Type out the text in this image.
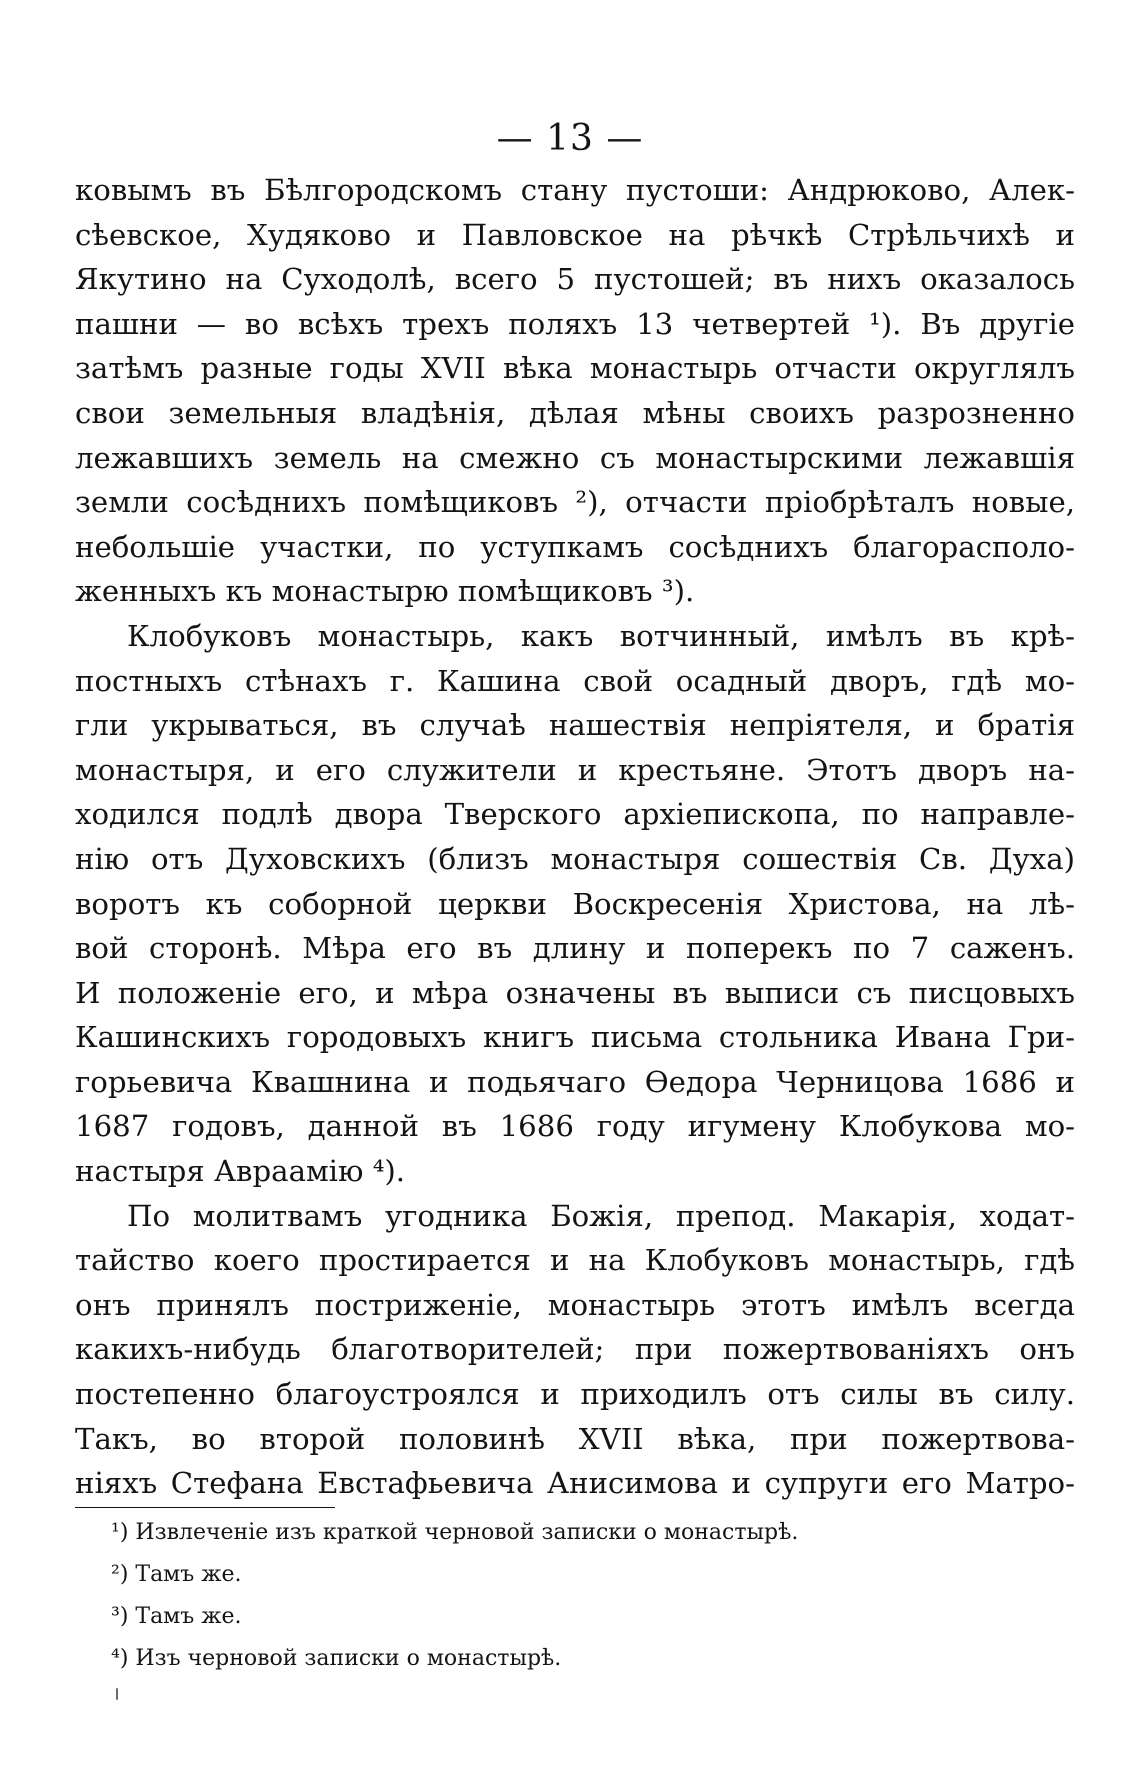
— 13 —
ковымъ въ Бѣлгородскомъ стану пустоши: Андрюково, Алек-
сѣевское, Худяково и Павловское на рѣчкѣ Стрѣльчихѣ и
Якутино на Суходолѣ, всего 5 пустошей; въ нихъ оказалось
пашни — во всѣхъ трехъ поляхъ 13 четвертей ¹). Въ другіе
затѣмъ разные годы XVII вѣка монастырь отчасти округлялъ
свои земельныя владѣнія, дѣлая мѣны своихъ разрозненно
лежавшихъ земель на смежно съ монастырскими лежавшія
земли сосѣднихъ помѣщиковъ ²), отчасти пріобрѣталъ новые,
небольшіе участки, по уступкамъ сосѣднихъ благорасполо-
женныхъ къ монастырю помѣщиковъ ³).
Клобуковъ монастырь, какъ вотчинный, имѣлъ въ крѣ-
постныхъ стѣнахъ г. Кашина свой осадный дворъ, гдѣ мо-
гли укрываться, въ случаѣ нашествія непріятеля, и братія
монастыря, и его служители и крестьяне. Этотъ дворъ на-
ходился подлѣ двора Тверского архіепископа, по направле-
нію отъ Духовскихъ (близъ монастыря сошествія Св. Духа)
воротъ къ соборной церкви Воскресенія Христова, на лѣ-
вой сторонѣ. Мѣра его въ длину и поперекъ по 7 саженъ.
И положеніе его, и мѣра означены въ выписи съ писцовыхъ
Кашинскихъ городовыхъ книгъ письма стольника Ивана Гри-
горьевича Квашнина и подьячаго Ѳедора Черницова 1686 и
1687 годовъ, данной въ 1686 году игумену Клобукова мо-
настыря Авраамію ⁴).
По молитвамъ угодника Божія, препод. Макарія, ходат-
тайство коего простирается и на Клобуковъ монастырь, гдѣ
онъ принялъ постриженіе, монастырь этотъ имѣлъ всегда
какихъ-нибудь благотворителей; при пожертвованіяхъ онъ
постепенно благоустроялся и приходилъ отъ силы въ силу.
Такъ, во второй половинѣ XVII вѣка, при пожертвова-
ніяхъ Стефана Евстафьевича Анисимова и супруги его Матро-
¹) Извлеченіе изъ краткой черновой записки о монастырѣ.
²) Тамъ же.
³) Тамъ же.
⁴) Изъ черновой записки о монастырѣ.
